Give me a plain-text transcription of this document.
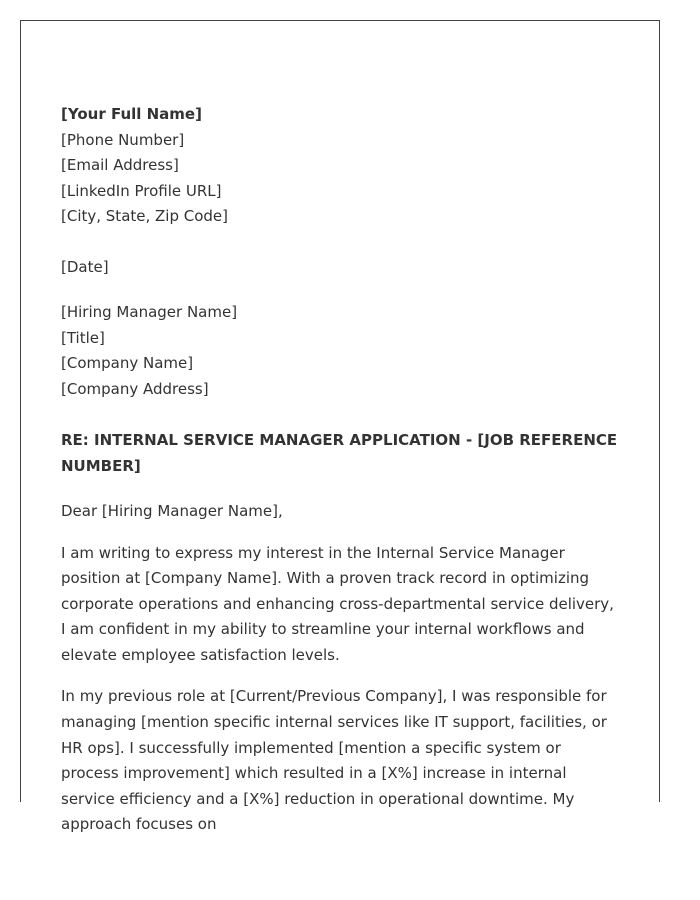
[Your Full Name]
[Phone Number]
[Email Address]
[LinkedIn Profile URL]
[City, State, Zip Code]
[Date]
[Hiring Manager Name]
[Title]
[Company Name]
[Company Address]

RE: INTERNAL SERVICE MANAGER APPLICATION - [JOB REFERENCE NUMBER]

Dear [Hiring Manager Name],

I am writing to express my interest in the Internal Service Manager position at [Company Name]. With a proven track record in optimizing corporate operations and enhancing cross-departmental service delivery, I am confident in my ability to streamline your internal workflows and elevate employee satisfaction levels.

In my previous role at [Current/Previous Company], I was responsible for managing [mention specific internal services like IT support, facilities, or HR ops]. I successfully implemented [mention a specific system or process improvement] which resulted in a [X%] increase in internal service efficiency and a [X%] reduction in operational downtime. My approach focuses on
